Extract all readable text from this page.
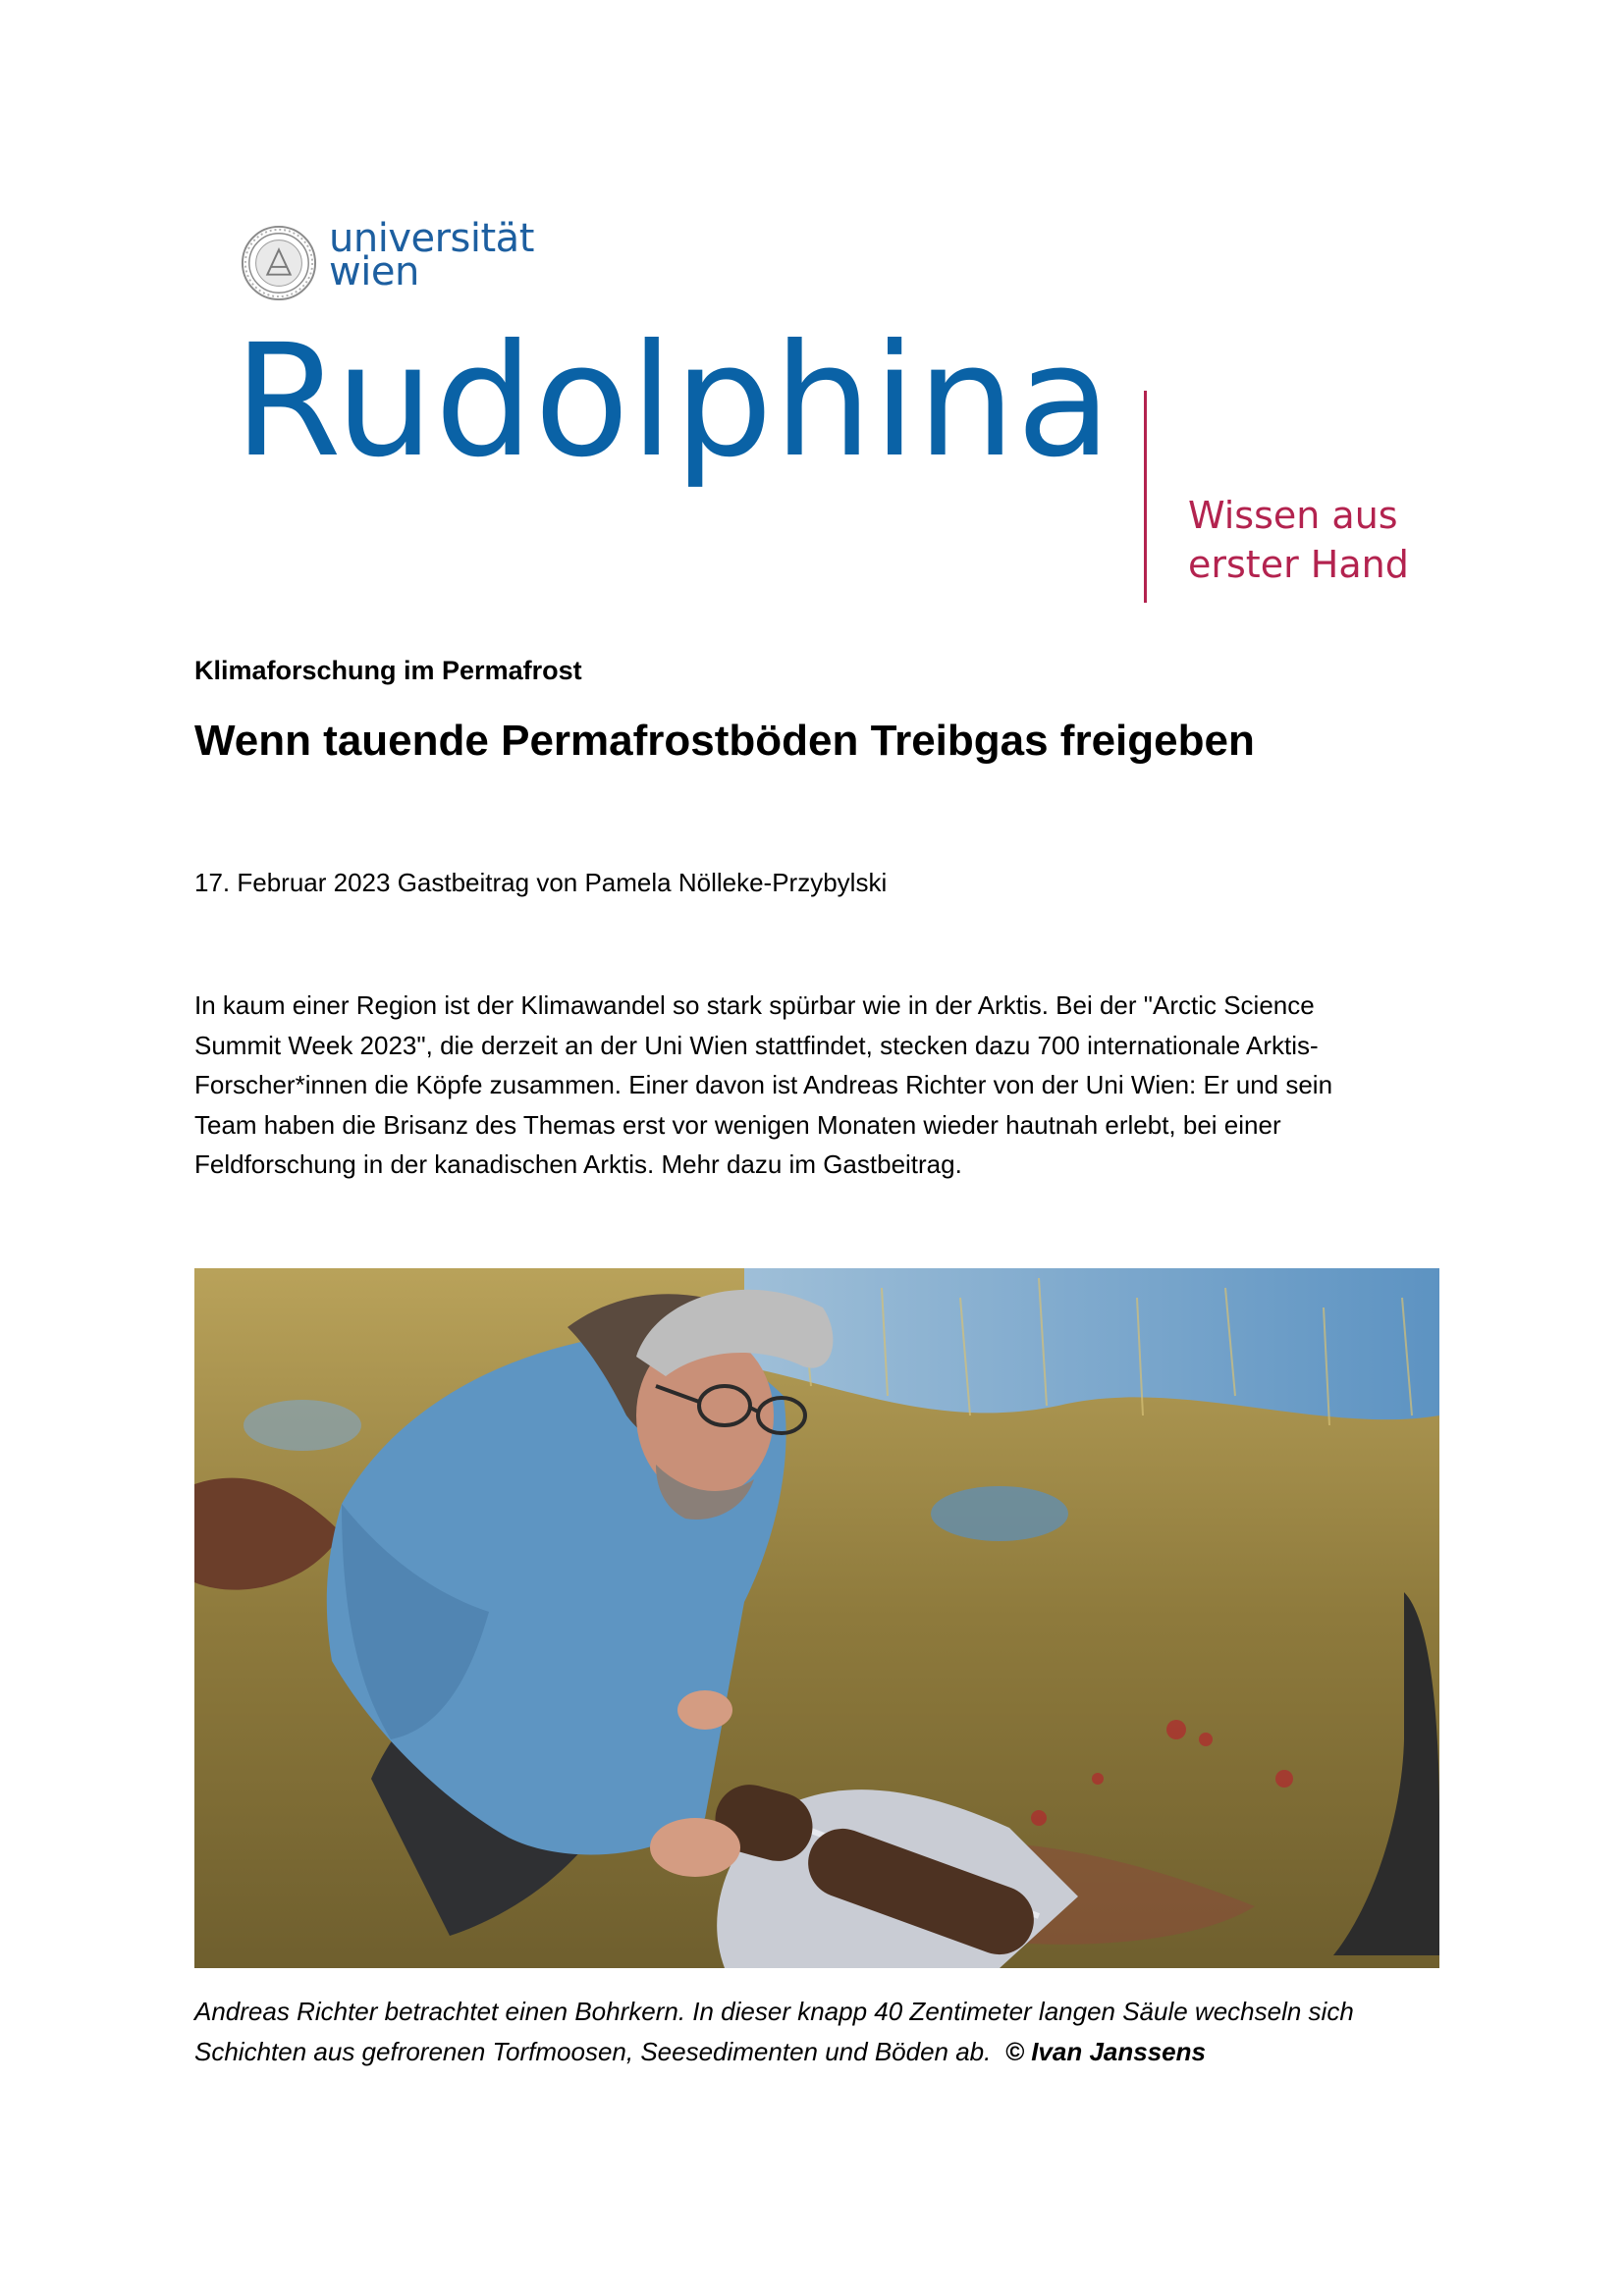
universität
wien
Rudolphina
Wissen aus
erster Hand
Klimaforschung im Permafrost
Wenn tauende Permafrostböden Treibgas freigeben
17. Februar 2023 Gastbeitrag von Pamela Nölleke-Przybylski
In kaum einer Region ist der Klimawandel so stark spürbar wie in der Arktis. Bei der "Arctic Science
Summit Week 2023", die derzeit an der Uni Wien stattfindet, stecken dazu 700 internationale Arktis-
Forscher*innen die Köpfe zusammen. Einer davon ist Andreas Richter von der Uni Wien: Er und sein
Team haben die Brisanz des Themas erst vor wenigen Monaten wieder hautnah erlebt, bei einer
Feldforschung in der kanadischen Arktis. Mehr dazu im Gastbeitrag.
Andreas Richter betrachtet einen Bohrkern. In dieser knapp 40 Zentimeter langen Säule wechseln sich
Schichten aus gefrorenen Torfmoosen, Seesedimenten und Böden ab. © Ivan Janssens
